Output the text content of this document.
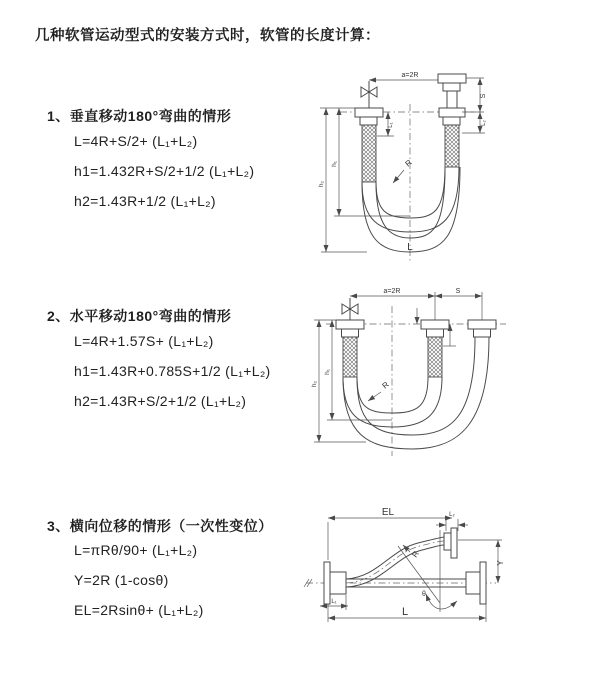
几种软管运动型式的安装方式时，软管的长度计算：
1、垂直移动180°弯曲的情形
L=4R+S/2+ (L₁+L₂)
h1=1.432R+S/2+1/2 (L₁+L₂)
h2=1.43R+1/2 (L₁+L₂)
a=2R
R
L
h₁
h₂
L₁
S
L₂
2、水平移动180°弯曲的情形
L=4R+1.57S+ (L₁+L₂)
h1=1.43R+0.785S+1/2 (L₁+L₂)
h2=1.43R+S/2+1/2 (L₁+L₂)
a=2R	S
R
h₁
h₂
3、横向位移的情形（一次性变位）
L=πRθ/90+ (L₁+L₂)
Y=2R (1-cosθ)
EL=2Rsinθ+ (L₁+L₂)
EL	L₂
Y
R
θ
L₁
L
